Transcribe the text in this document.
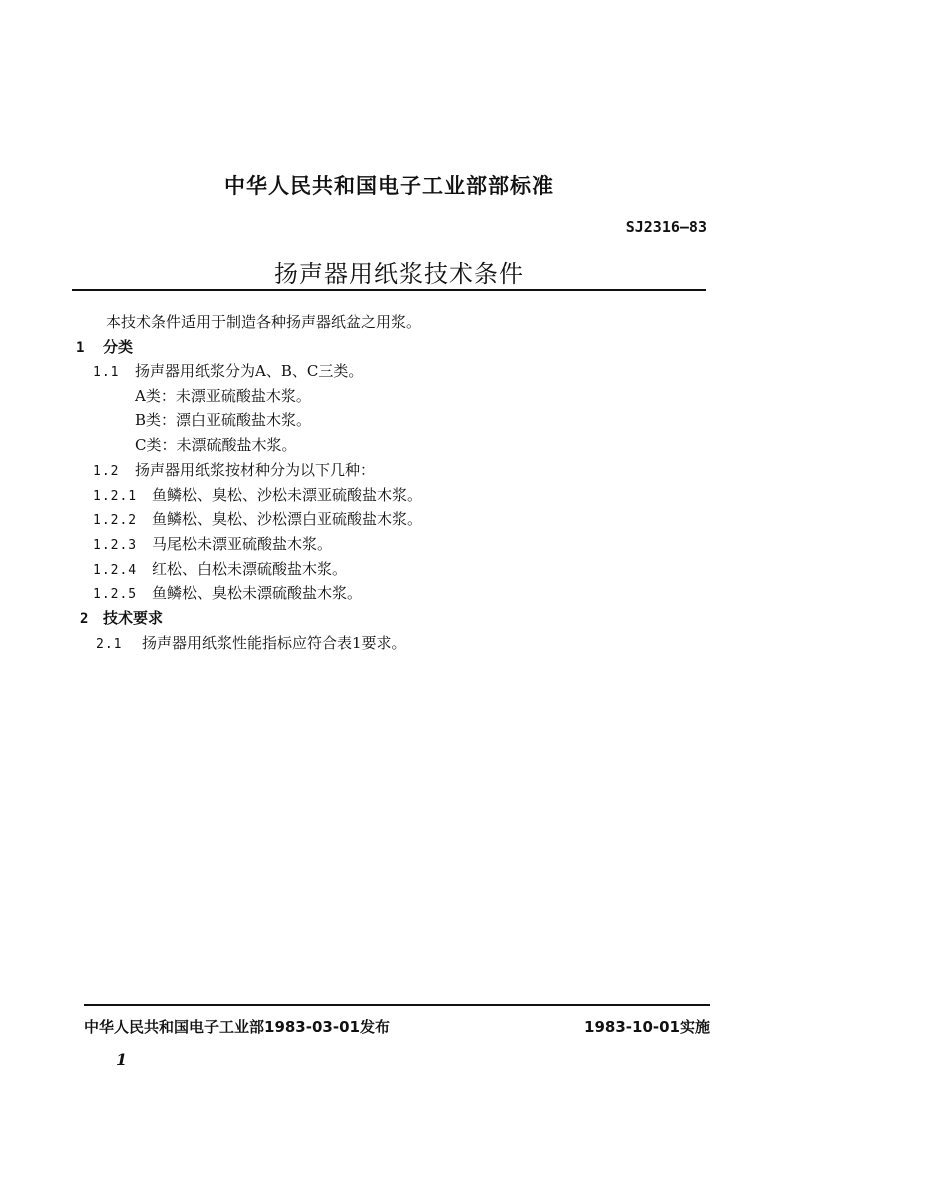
中华人民共和国电子工业部部标准
SJ2316—83
扬声器用纸浆技术条件
本技术条件适用于制造各种扬声器纸盆之用浆。
1 分类
1.1 扬声器用纸浆分为A、B、C三类。
A类：未漂亚硫酸盐木浆。
B类：漂白亚硫酸盐木浆。
C类：未漂硫酸盐木浆。
1.2 扬声器用纸浆按材种分为以下几种：
1.2.1 鱼鳞松、臭松、沙松未漂亚硫酸盐木浆。
1.2.2 鱼鳞松、臭松、沙松漂白亚硫酸盐木浆。
1.2.3 马尾松未漂亚硫酸盐木浆。
1.2.4 红松、白松未漂硫酸盐木浆。
1.2.5 鱼鳞松、臭松未漂硫酸盐木浆。
2 技术要求
2.1 扬声器用纸浆性能指标应符合表1要求。
中华人民共和国电子工业部1983-03-01发布	1983-10-01实施
1
